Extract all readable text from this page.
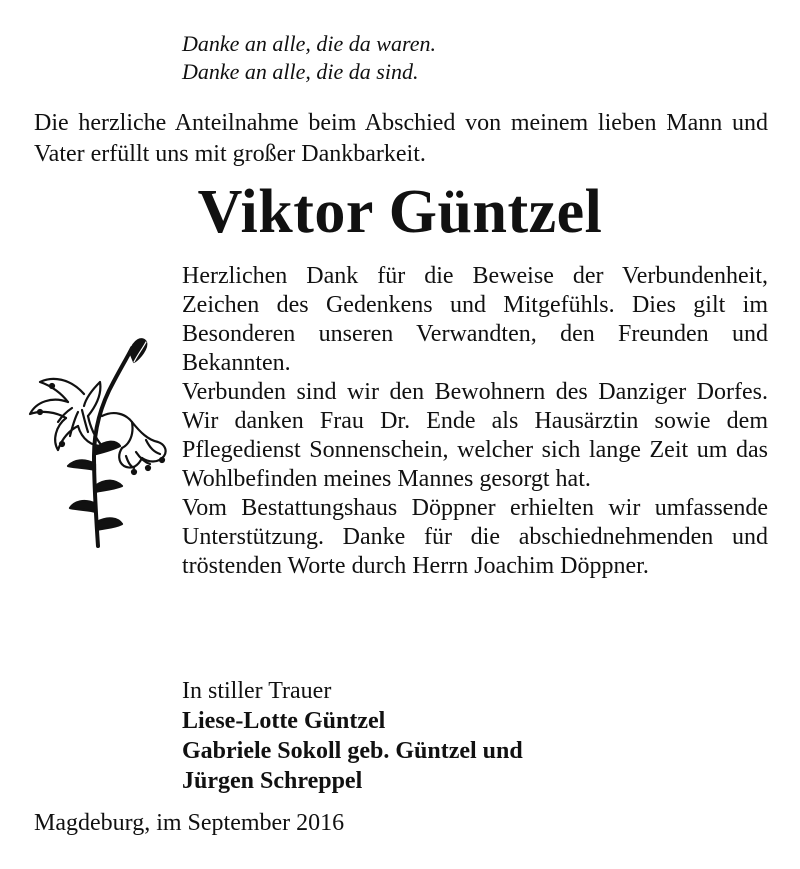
Danke an alle, die da waren.
Danke an alle, die da sind.
Die herzliche Anteilnahme beim Abschied von meinem lieben Mann und Vater erfüllt uns mit großer Dankbarkeit.
Viktor Güntzel

Herzlichen Dank für die Beweise der Verbundenheit, Zeichen des Gedenkens und Mitgefühls. Dies gilt im Besonderen unseren Verwandten, den Freunden und Bekannten.

Verbunden sind wir den Bewohnern des Danziger Dorfes. Wir danken Frau Dr. Ende als Hausärztin sowie dem Pflegedienst Sonnenschein, welcher sich lange Zeit um das Wohlbefinden meines Mannes gesorgt hat.

Vom Bestattungshaus Döppner erhielten wir umfassende Unterstützung. Danke für die abschiednehmenden und tröstenden Worte durch Herrn Joachim Döppner.

In stiller Trauer
Liese-Lotte Güntzel
Gabriele Sokoll geb. Güntzel und
Jürgen Schreppel
Magdeburg, im September 2016
